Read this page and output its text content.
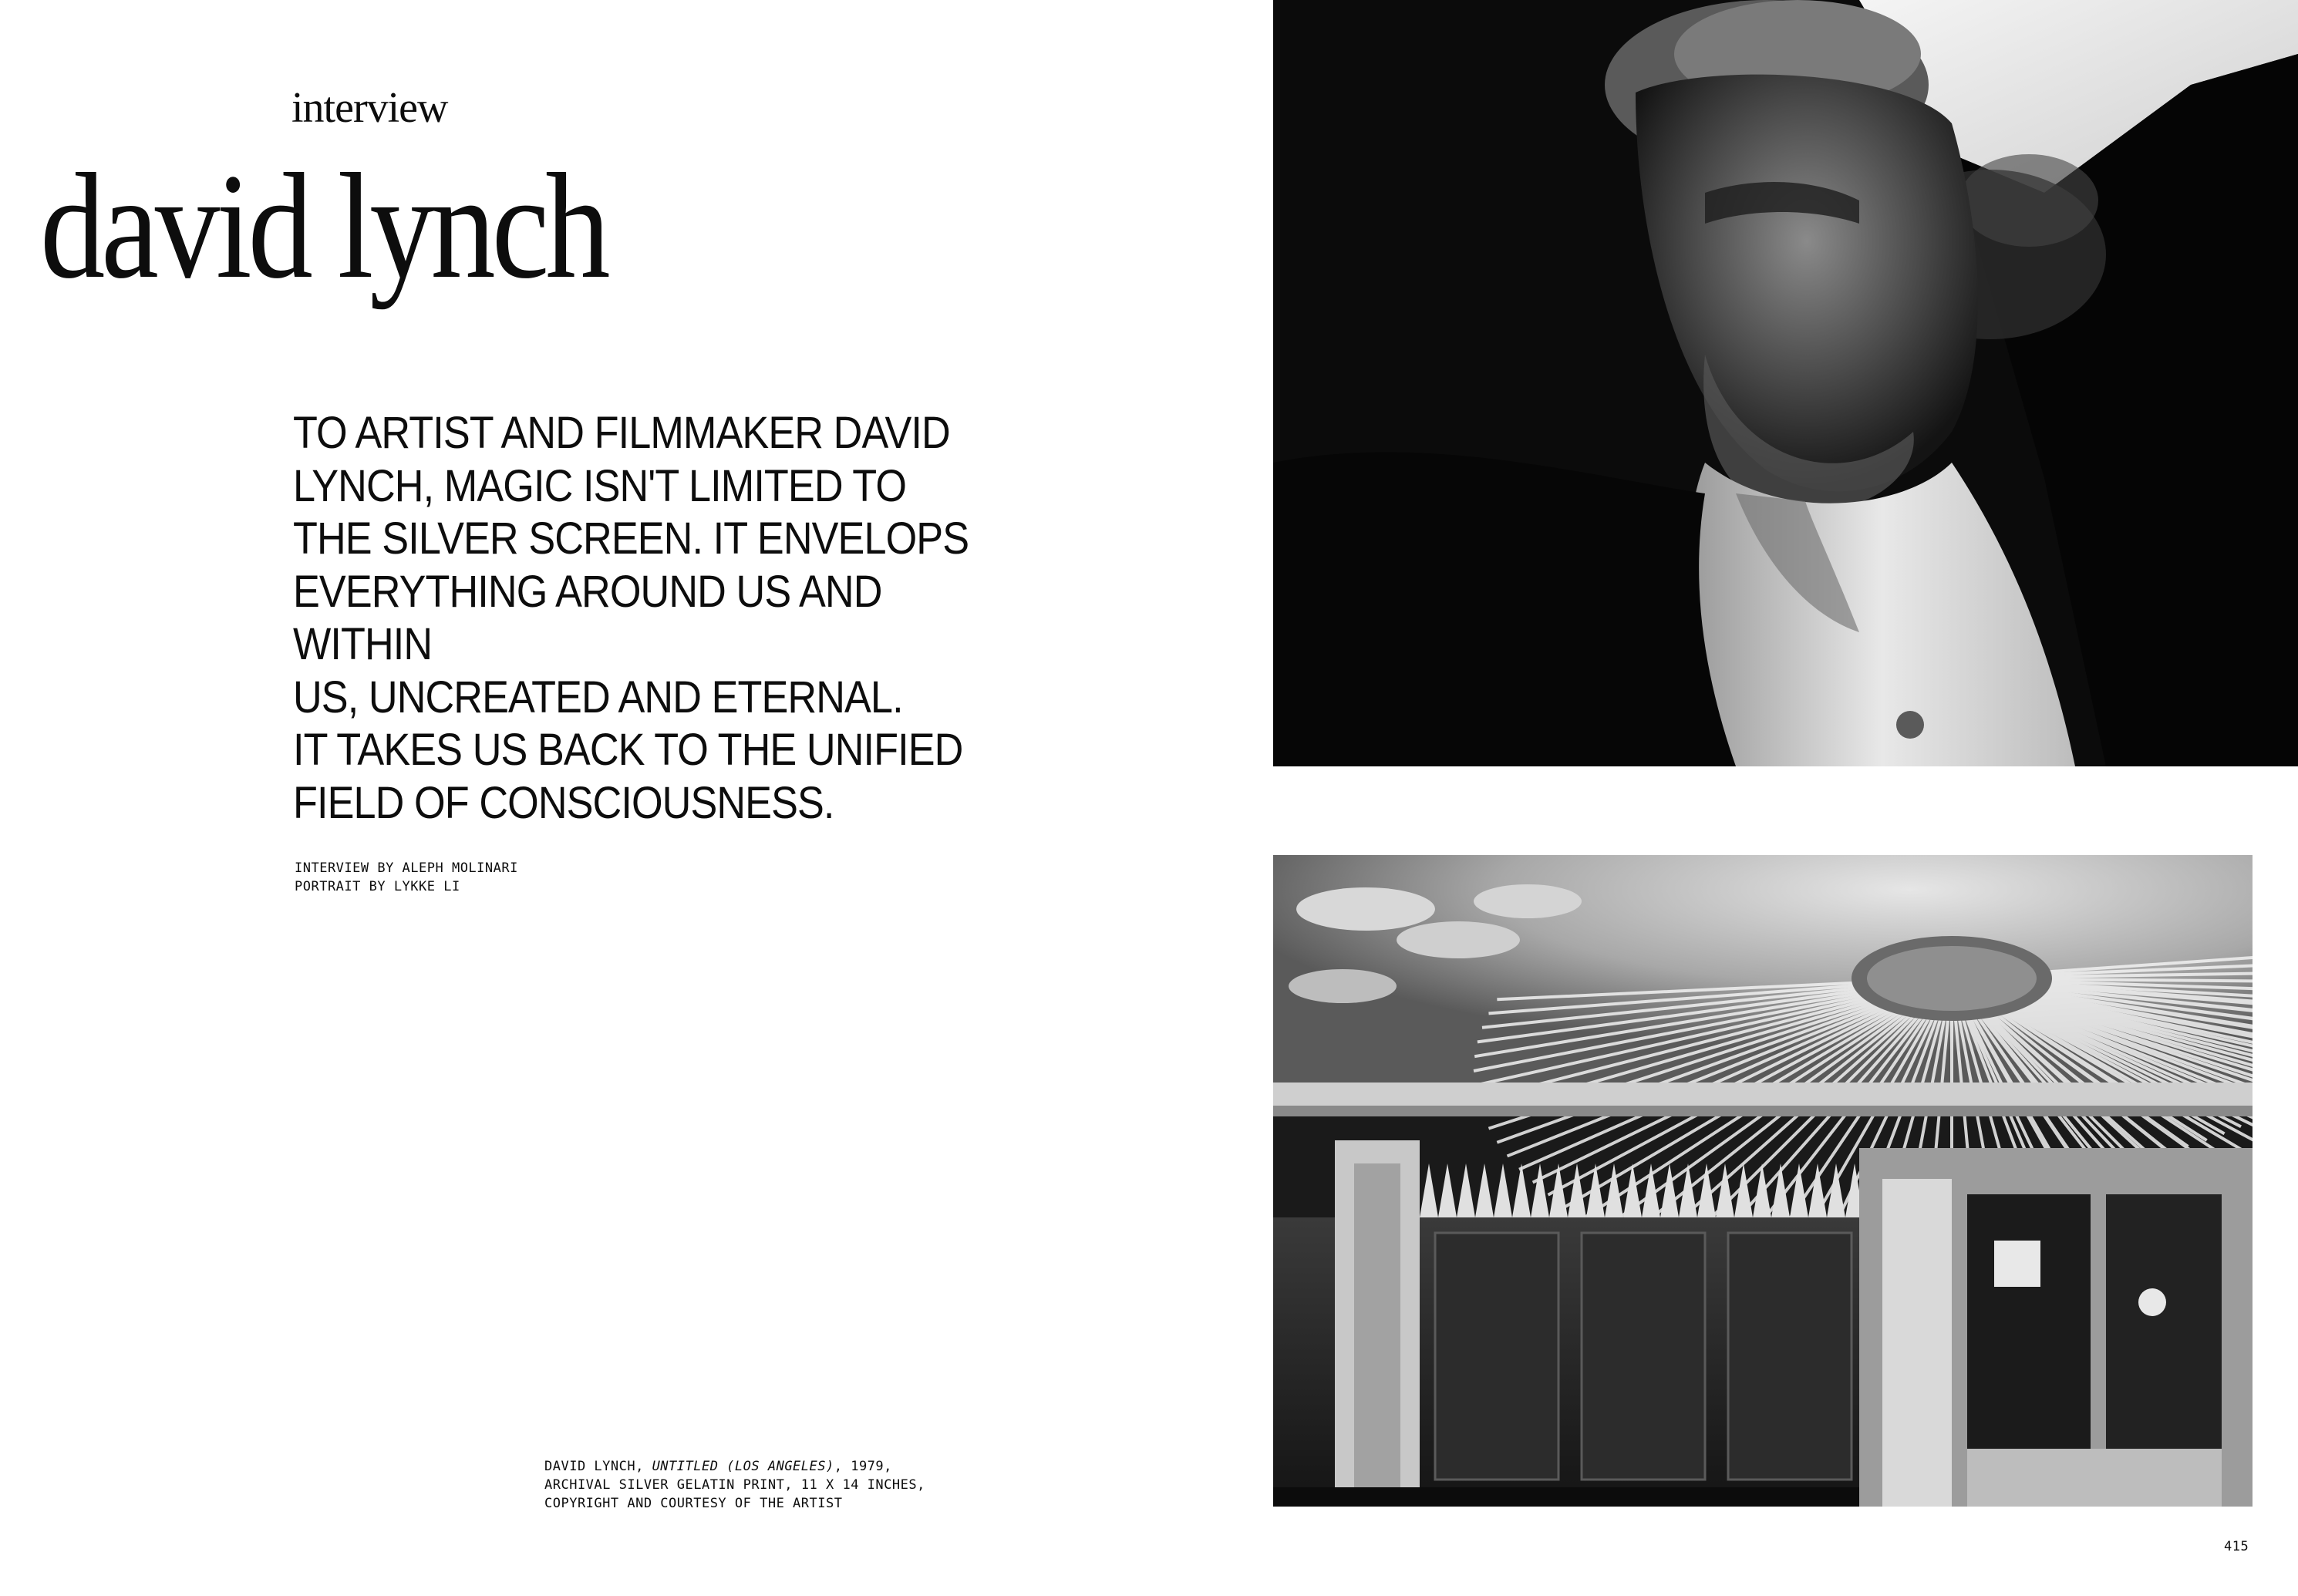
interview
david lynch
TO ARTIST AND FILMMAKER DAVID
LYNCH, MAGIC ISN'T LIMITED TO
THE SILVER SCREEN. IT ENVELOPS
EVERYTHING AROUND US AND WITHIN
US, UNCREATED AND ETERNAL.
IT TAKES US BACK TO THE UNIFIED
FIELD OF CONSCIOUSNESS.
INTERVIEW BY ALEPH MOLINARI
PORTRAIT BY LYKKE LI
DAVID LYNCH, UNTITLED (LOS ANGELES), 1979,
ARCHIVAL SILVER GELATIN PRINT, 11 X 14 INCHES,
COPYRIGHT AND COURTESY OF THE ARTIST
415
